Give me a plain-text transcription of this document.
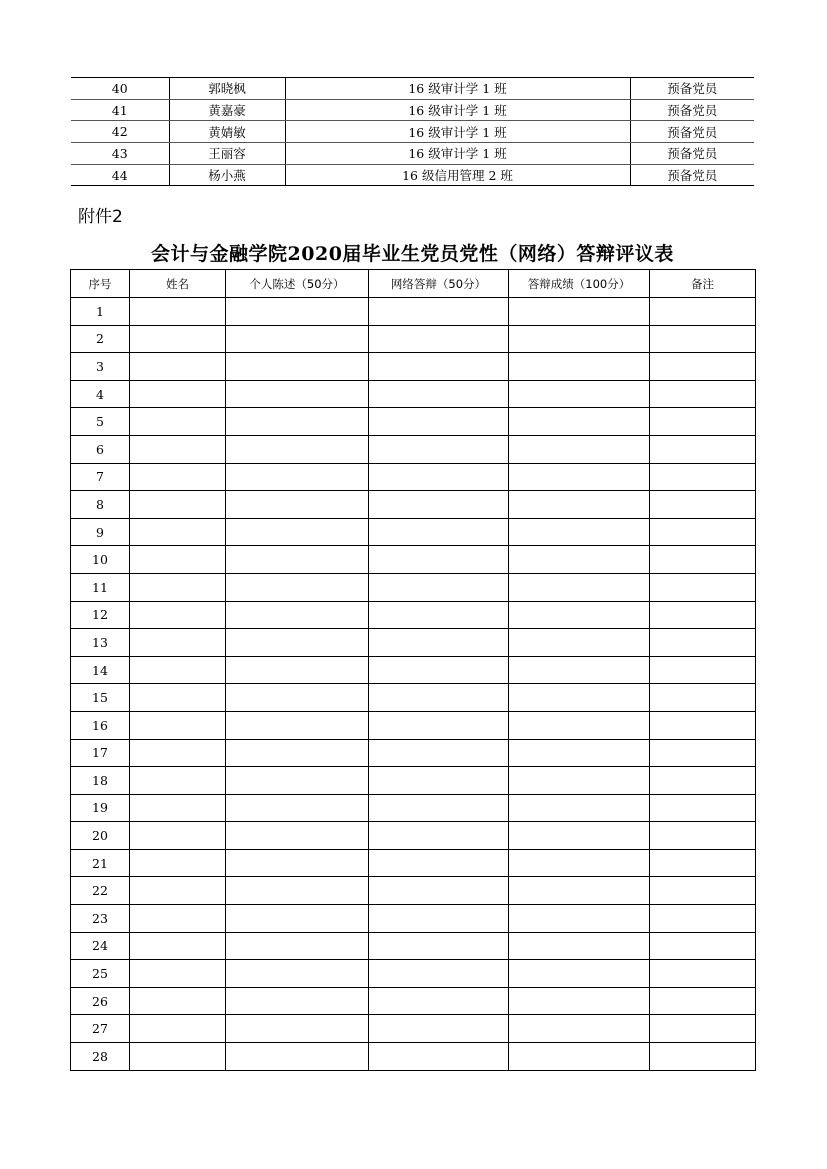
40	郭晓枫	16 级审计学 1 班	预备党员
41	黄嘉豪	16 级审计学 1 班	预备党员
42	黄婧敏	16 级审计学 1 班	预备党员
43	王丽容	16 级审计学 1 班	预备党员
44	杨小燕	16 级信用管理 2 班	预备党员
附件2
会计与金融学院2020届毕业生党员党性（网络）答辩评议表
序号	姓名	个人陈述（50分）	网络答辩（50分）	答辩成绩（100分）	备注
1					
2					
3					
4					
5					
6					
7					
8					
9					
10					
11					
12					
13					
14					
15					
16					
17					
18					
19					
20					
21					
22					
23					
24					
25					
26					
27					
28					
